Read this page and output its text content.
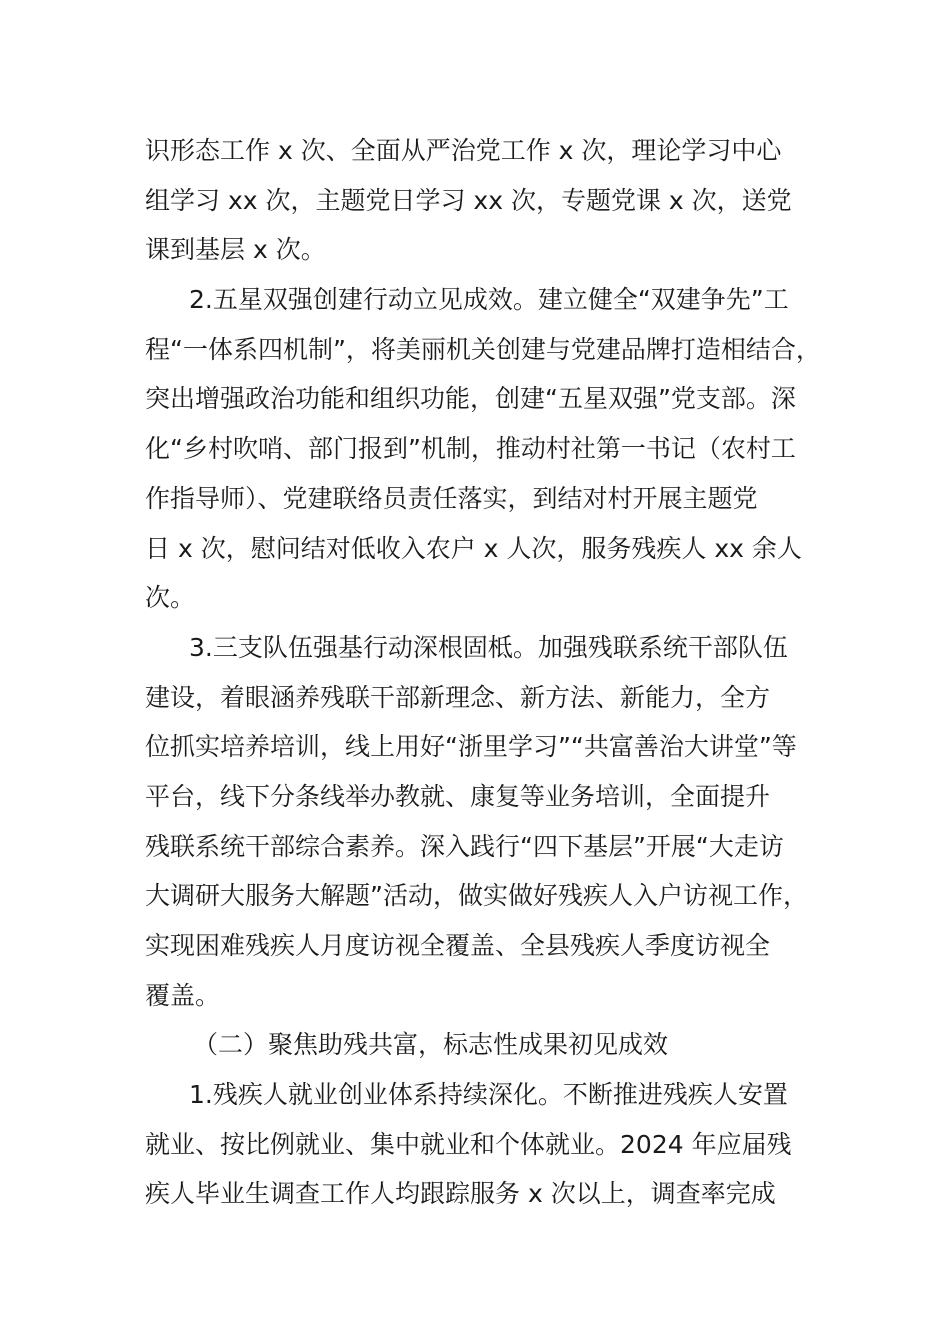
识形态工作 x 次、全面从严治党工作 x 次，理论学习中心
组学习 xx 次，主题党日学习 xx 次，专题党课 x 次，送党
课到基层 x 次。
2.五星双强创建行动立见成效。建立健全“双建争先”工
程“一体系四机制”，将美丽机关创建与党建品牌打造相结合，
突出增强政治功能和组织功能，创建“五星双强”党支部。深
化“乡村吹哨、部门报到”机制，推动村社第一书记（农村工
作指导师）、党建联络员责任落实，到结对村开展主题党
日 x 次，慰问结对低收入农户 x 人次，服务残疾人 xx 余人
次。
3.三支队伍强基行动深根固柢。加强残联系统干部队伍
建设，着眼涵养残联干部新理念、新方法、新能力，全方
位抓实培养培训，线上用好“浙里学习”“共富善治大讲堂”等
平台，线下分条线举办教就、康复等业务培训，全面提升
残联系统干部综合素养。深入践行“四下基层”开展“大走访
大调研大服务大解题”活动，做实做好残疾人入户访视工作，
实现困难残疾人月度访视全覆盖、全县残疾人季度访视全
覆盖。
（二）聚焦助残共富，标志性成果初见成效
1.残疾人就业创业体系持续深化。不断推进残疾人安置
就业、按比例就业、集中就业和个体就业。2024 年应届残
疾人毕业生调查工作人均跟踪服务 x 次以上，调查率完成
